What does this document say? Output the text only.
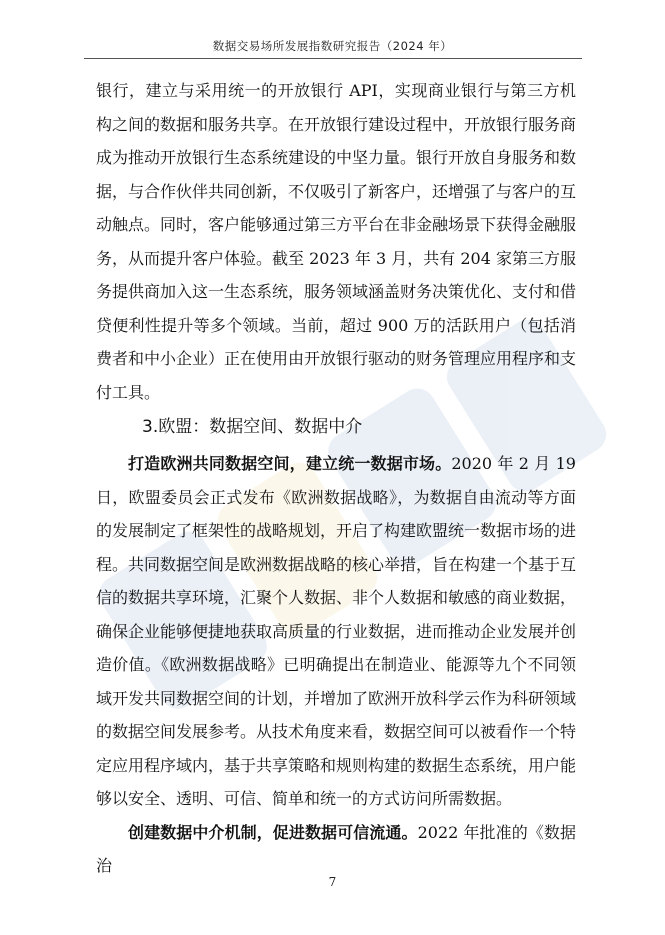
数据交易场所发展指数研究报告（2024 年）

银行，建立与采用统一的开放银行 API，实现商业银行与第三方机构之间的数据和服务共享。在开放银行建设过程中，开放银行服务商成为推动开放银行生态系统建设的中坚力量。银行开放自身服务和数据，与合作伙伴共同创新，不仅吸引了新客户，还增强了与客户的互动触点。同时，客户能够通过第三方平台在非金融场景下获得金融服务，从而提升客户体验。截至 2023 年 3 月，共有 204 家第三方服务提供商加入这一生态系统，服务领域涵盖财务决策优化、支付和借贷便利性提升等多个领域。当前，超过 900 万的活跃用户（包括消费者和中小企业）正在使用由开放银行驱动的财务管理应用程序和支付工具。

3.欧盟：数据空间、数据中介

打造欧洲共同数据空间，建立统一数据市场。2020 年 2 月 19 日，欧盟委员会正式发布《欧洲数据战略》，为数据自由流动等方面的发展制定了框架性的战略规划，开启了构建欧盟统一数据市场的进程。共同数据空间是欧洲数据战略的核心举措，旨在构建一个基于互信的数据共享环境，汇聚个人数据、非个人数据和敏感的商业数据，确保企业能够便捷地获取高质量的行业数据，进而推动企业发展并创造价值。《欧洲数据战略》已明确提出在制造业、能源等九个不同领域开发共同数据空间的计划，并增加了欧洲开放科学云作为科研领域的数据空间发展参考。从技术角度来看，数据空间可以被看作一个特定应用程序域内，基于共享策略和规则构建的数据生态系统，用户能够以安全、透明、可信、简单和统一的方式访问所需数据。

创建数据中介机制，促进数据可信流通。2022 年批准的《数据治

7
